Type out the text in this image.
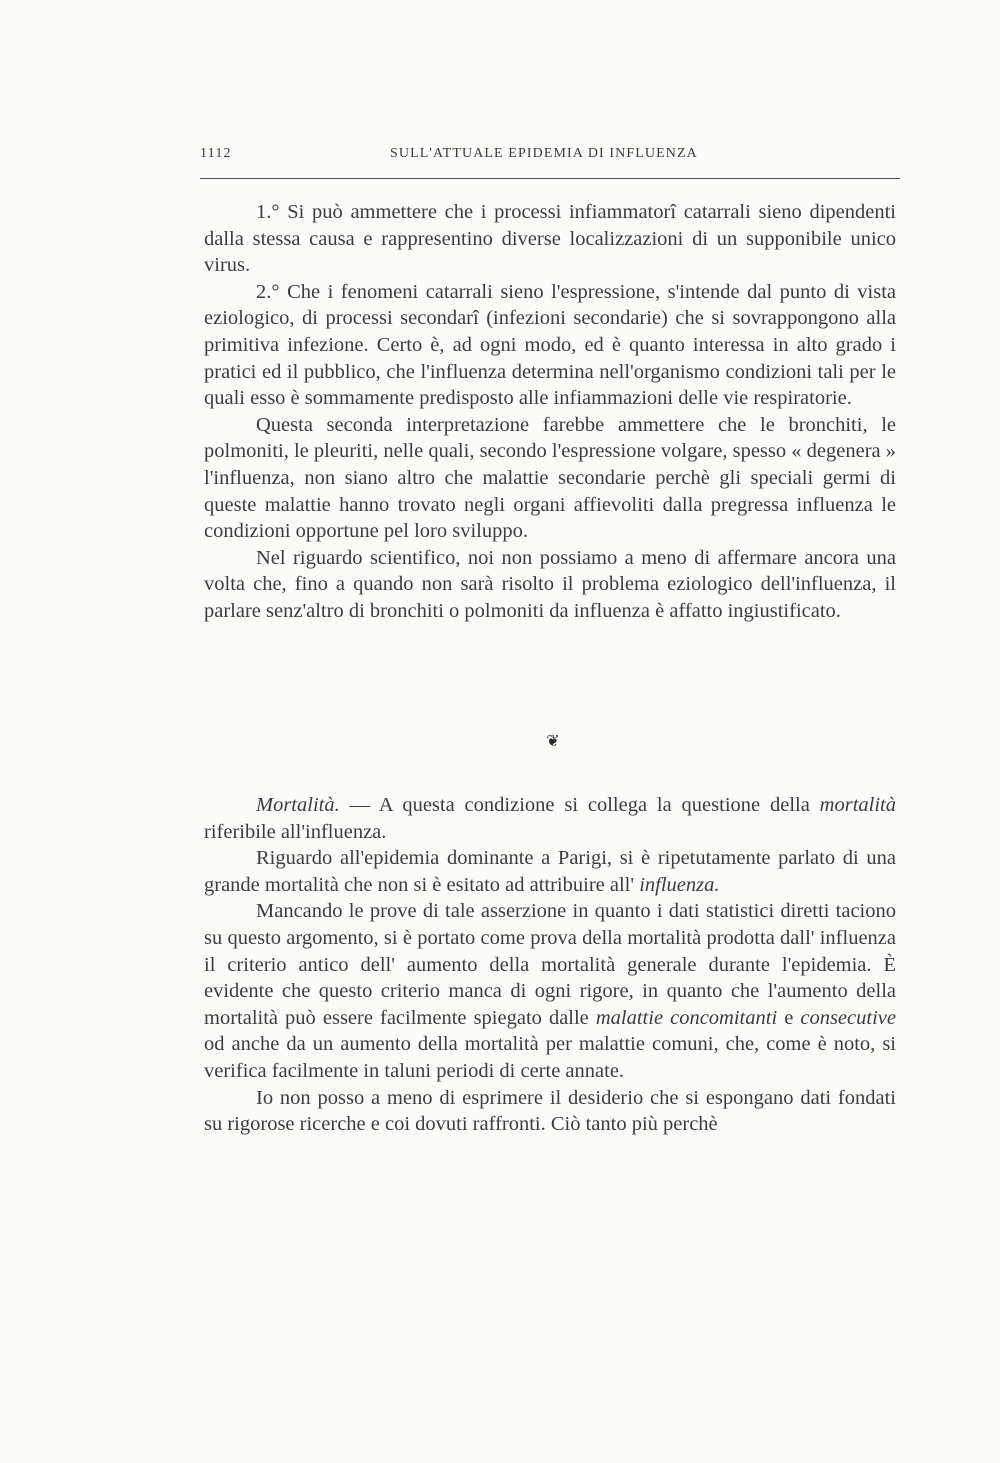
1112	SULL'ATTUALE EPIDEMIA DI INFLUENZA

1.° Si può ammettere che i processi infiammatorî catarrali sieno dipendenti dalla stessa causa e rappresentino diverse localizzazioni di un supponibile unico virus.

2.° Che i fenomeni catarrali sieno l'espressione, s'intende dal punto di vista eziologico, di processi secondarî (infezioni secondarie) che si sovrappongono alla primitiva infezione. Certo è, ad ogni modo, ed è quanto interessa in alto grado i pratici ed il pubblico, che l'influenza determina nell'organismo condizioni tali per le quali esso è sommamente predisposto alle infiammazioni delle vie respiratorie.

Questa seconda interpretazione farebbe ammettere che le bronchiti, le polmoniti, le pleuriti, nelle quali, secondo l'espressione volgare, spesso « degenera » l'influenza, non siano altro che malattie secondarie perchè gli speciali germi di queste malattie hanno trovato negli organi affievoliti dalla pregressa influenza le condizioni opportune pel loro sviluppo.

Nel riguardo scientifico, noi non possiamo a meno di affermare ancora una volta che, fino a quando non sarà risolto il problema eziologico dell'influenza, il parlare senz'altro di bronchiti o polmoniti da influenza è affatto ingiustificato.

❦

Mortalità. — A questa condizione si collega la questione della mortalità riferibile all'influenza.

Riguardo all'epidemia dominante a Parigi, si è ripetutamente parlato di una grande mortalità che non si è esitato ad attribuire all' influenza.

Mancando le prove di tale asserzione in quanto i dati statistici diretti taciono su questo argomento, si è portato come prova della mortalità prodotta dall' influenza il criterio antico dell' aumento della mortalità generale durante l'epidemia. È evidente che questo criterio manca di ogni rigore, in quanto che l'aumento della mortalità può essere facilmente spiegato dalle malattie concomitanti e consecutive od anche da un aumento della mortalità per malattie comuni, che, come è noto, si verifica facilmente in taluni periodi di certe annate.

Io non posso a meno di esprimere il desiderio che si espongano dati fondati su rigorose ricerche e coi dovuti raffronti. Ciò tanto più perchè
